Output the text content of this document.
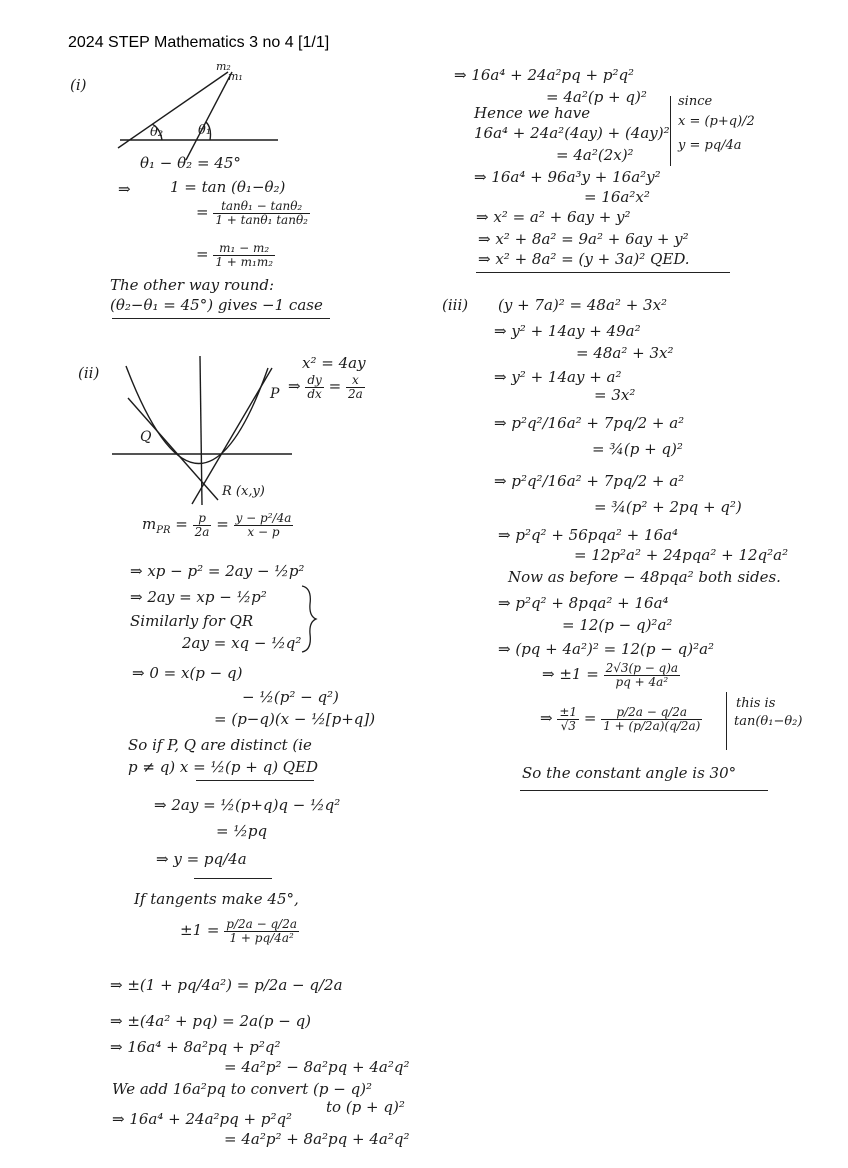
2024 STEP Mathematics 3 no 4 [1/1]
(i)
m₂
m₁
θ₂	θ₁
Q
P
R (x,y)
θ₁ − θ₂ = 45°
⇒	1 = tan (θ₁−θ₂)
= $\frac{\text{tanθ₁ − tanθ₂}}{\text{1 + tanθ₁ tanθ₂}}$
= $\frac{\text{m₁ − m₂}}{\text{1 + m₁m₂}}$
The other way round:
(θ₂−θ₁ = 45°) gives −1 case
(ii)
x² = 4ay
⇒ $\frac{dy}{dx} = \frac{x}{2a}$
$m_{PR} = \frac{p}{2a} = \frac{\text{y − p²/4a}}{x - p}$
⇒ xp − p² = 2ay − ½p²
⇒ 2ay = xp − ½p²
Similarly for QR
2ay = xq − ½q²
⇒ 0 = x(p − q)
− ½(p² − q²)
= (p−q)(x − ½[p+q])
So if P, Q are distinct (ie
p ≠ q) x = ½(p + q) QED
⇒ 2ay = ½(p+q)q − ½q²
= ½pq
⇒ y = pq/4a
If tangents make 45°,
$\pm 1 = \frac{p/2a - q/2a}{\text{1 + pq/4a²}}$
⇒ ±(1 + pq/4a²) = p/2a − q/2a
⇒ ±(4a² + pq) = 2a(p − q)
⇒ 16a⁴ + 8a²pq + p²q²
= 4a²p² − 8a²pq + 4a²q²
We add 16a²pq to convert (p − q)²
to (p + q)²
⇒ 16a⁴ + 24a²pq + p²q²
= 4a²p² + 8a²pq + 4a²q²
⇒ 16a⁴ + 24a²pq + p²q²
= 4a²(p + q)²
Hence we have
16a⁴ + 24a²(4ay) + (4ay)²
= 4a²(2x)²
since
x = (p+q)/2
y = pq/4a
⇒ 16a⁴ + 96a³y + 16a²y²
= 16a²x²
⇒ x² = a² + 6ay + y²
⇒ x² + 8a² = 9a² + 6ay + y²
⇒ x² + 8a² = (y + 3a)² QED.
(iii) (y + 7a)² = 48a² + 3x²
⇒ y² + 14ay + 49a²
= 48a² + 3x²
⇒ y² + 14ay + a²
= 3x²
⇒ p²q²/16a² + 7pq/2 + a²
= ¾(p + q)²
⇒ p²q²/16a² + 7pq/2 + a²
= ¾(p² + 2pq + q²)
⇒ p²q² + 56pqa² + 16a⁴
= 12p²a² + 24pqa² + 12q²a²
Now as before − 48pqa² both sides.
⇒ p²q² + 8pqa² + 16a⁴
= 12(p − q)²a²
⇒ (pq + 4a²)² = 12(p − q)²a²
⇒ $\pm 1 = \frac{2√3(p - q)a}{\text{pq + 4a²}}$
⇒ $\frac{\pm 1}{√3} = \frac{p/2a - q/2a}{1 + (p/2a)(q/2a)}$
this is
tan(θ₁−θ₂)
So the constant angle is 30°
